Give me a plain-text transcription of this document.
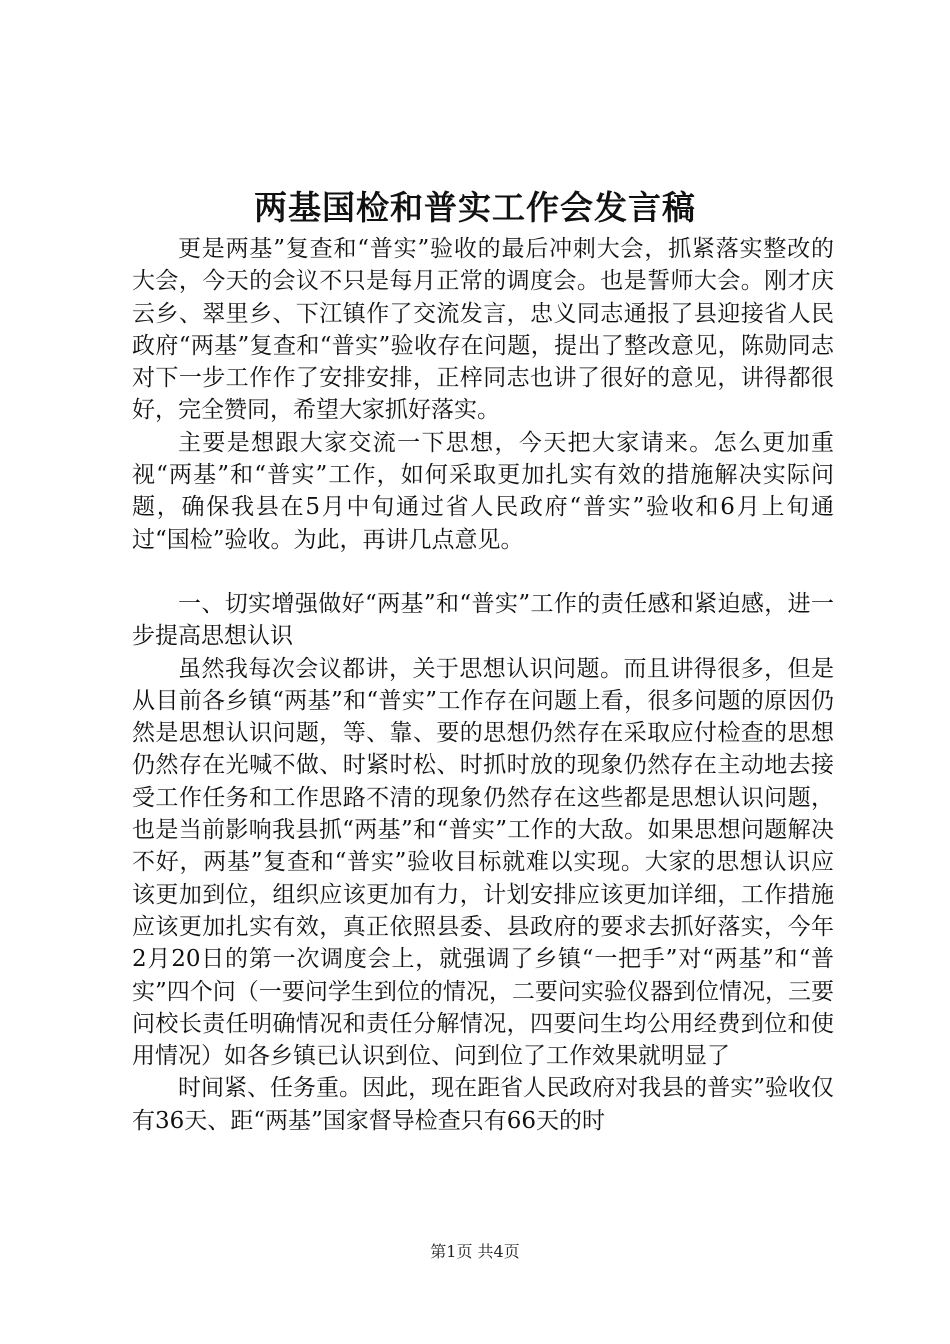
两基国检和普实工作会发言稿

更是两基”复查和“普实”验收的最后冲刺大会，抓紧落实整改的大会，今天的会议不只是每月正常的调度会。也是誓师大会。刚才庆云乡、翠里乡、下江镇作了交流发言，忠义同志通报了县迎接省人民政府“两基”复查和“普实”验收存在问题，提出了整改意见，陈勋同志对下一步工作作了安排安排，正梓同志也讲了很好的意见，讲得都很好，完全赞同，希望大家抓好落实。

主要是想跟大家交流一下思想，今天把大家请来。怎么更加重视“两基”和“普实”工作，如何采取更加扎实有效的措施解决实际问题，确保我县在5月中旬通过省人民政府“普实”验收和6月上旬通过“国检”验收。为此，再讲几点意见。

一、切实增强做好“两基”和“普实”工作的责任感和紧迫感，进一步提高思想认识

虽然我每次会议都讲，关于思想认识问题。而且讲得很多，但是从目前各乡镇“两基”和“普实”工作存在问题上看，很多问题的原因仍然是思想认识问题，等、靠、要的思想仍然存在采取应付检查的思想仍然存在光喊不做、时紧时松、时抓时放的现象仍然存在主动地去接受工作任务和工作思路不清的现象仍然存在这些都是思想认识问题，也是当前影响我县抓“两基”和“普实”工作的大敌。如果思想问题解决不好，两基”复查和“普实”验收目标就难以实现。大家的思想认识应该更加到位，组织应该更加有力，计划安排应该更加详细，工作措施应该更加扎实有效，真正依照县委、县政府的要求去抓好落实，今年2月20日的第一次调度会上，就强调了乡镇“一把手”对“两基”和“普实”四个问（一要问学生到位的情况，二要问实验仪器到位情况，三要问校长责任明确情况和责任分解情况，四要问生均公用经费到位和使用情况）如各乡镇已认识到位、问到位了工作效果就明显了

时间紧、任务重。因此，现在距省人民政府对我县的普实”验收仅有36天、距“两基”国家督导检查只有66天的时

第1页 共4页
